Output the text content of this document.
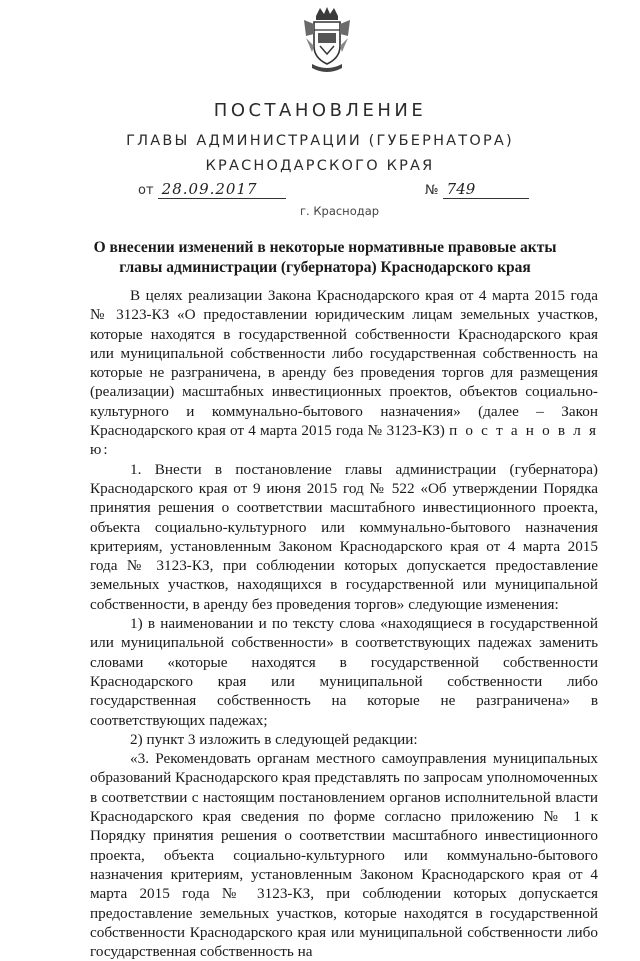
ПОСТАНОВЛЕНИЕ
ГЛАВЫ АДМИНИСТРАЦИИ (ГУБЕРНАТОРА)
КРАСНОДАРСКОГО КРАЯ
от 28.09.2017	№ 749
г. Краснодар
О внесении изменений в некоторые нормативные правовые акты
главы администрации (губернатора) Краснодарского края

В целях реализации Закона Краснодарского края от 4 марта 2015 года № 3123-КЗ «О предоставлении юридическим лицам земельных участков, которые находятся в государственной собственности Краснодарского края или муниципальной собственности либо государственная собственность на которые не разграничена, в аренду без проведения торгов для размещения (реализации) масштабных инвестиционных проектов, объектов социально-культурного и коммунально-бытового назначения» (далее – Закон Краснодарского края от 4 марта 2015 года № 3123-КЗ) п о с т а н о в л я ю:

1. Внести в постановление главы администрации (губернатора) Краснодарского края от 9 июня 2015 год № 522 «Об утверждении Порядка принятия решения о соответствии масштабного инвестиционного проекта, объекта социально-культурного или коммунально-бытового назначения критериям, установленным Законом Краснодарского края от 4 марта 2015 года № 3123-КЗ, при соблюдении которых допускается предоставление земельных участков, находящихся в государственной или муниципальной собственности, в аренду без проведения торгов» следующие изменения:

1) в наименовании и по тексту слова «находящиеся в государственной или муниципальной собственности» в соответствующих падежах заменить словами «которые находятся в государственной собственности Краснодарского края или муниципальной собственности либо государственная собственность на которые не разграничена» в соответствующих падежах;

2) пункт 3 изложить в следующей редакции:

«3. Рекомендовать органам местного самоуправления муниципальных образований Краснодарского края представлять по запросам уполномоченных в соответствии с настоящим постановлением органов исполнительной власти Краснодарского края сведения по форме согласно приложению № 1 к Порядку принятия решения о соответствии масштабного инвестиционного проекта, объекта социально-культурного или коммунально-бытового назначения критериям, установленным Законом Краснодарского края от 4 марта 2015 года № 3123-КЗ, при соблюдении которых допускается предоставление земельных участков, которые находятся в государственной собственности Краснодарского края или муниципальной собственности либо государственная собственность на
